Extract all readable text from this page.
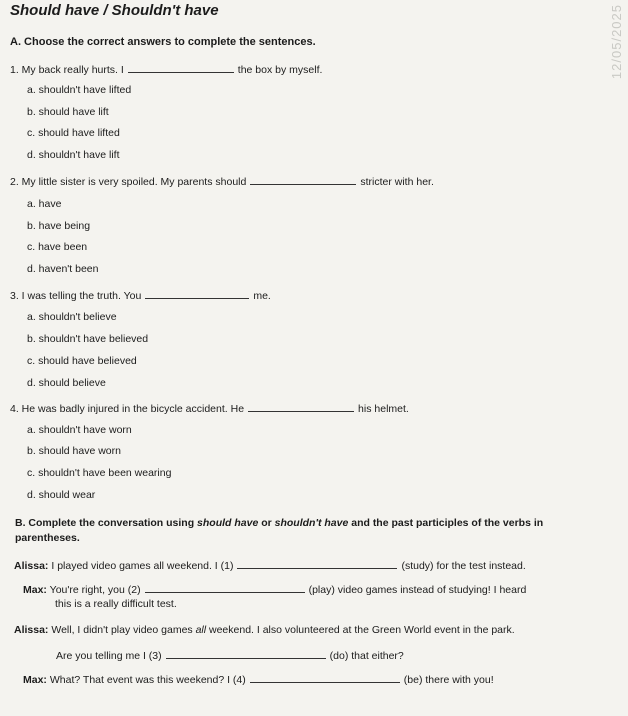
Should have / Shouldn't have	12/05/2025
A. Choose the correct answers to complete the sentences.
1. My back really hurts. I	the box by myself.
a. shouldn't have lifted
b. should have lift
c. should have lifted
d. shouldn't have lift
2. My little sister is very spoiled. My parents should	stricter with her.
a. have
b. have being
c. have been
d. haven't been
3. I was telling the truth. You	me.
a. shouldn't believe
b. shouldn't have believed
c. should have believed
d. should believe
4. He was badly injured in the bicycle accident. He	his helmet.
a. shouldn't have worn
b. should have worn
c. shouldn't have been wearing
d. should wear
B. Complete the conversation using should have or shouldn't have and the past participles of the verbs in parentheses.
Alissa: I played video games all weekend. I (1)	(study) for the test instead.
Max: You're right, you (2)	(play) video games instead of studying! I heard
this is a really difficult test.
Alissa: Well, I didn't play video games all weekend. I also volunteered at the Green World event in the park.
Are you telling me I (3)	(do) that either?
Max: What? That event was this weekend? I (4)	(be) there with you!
